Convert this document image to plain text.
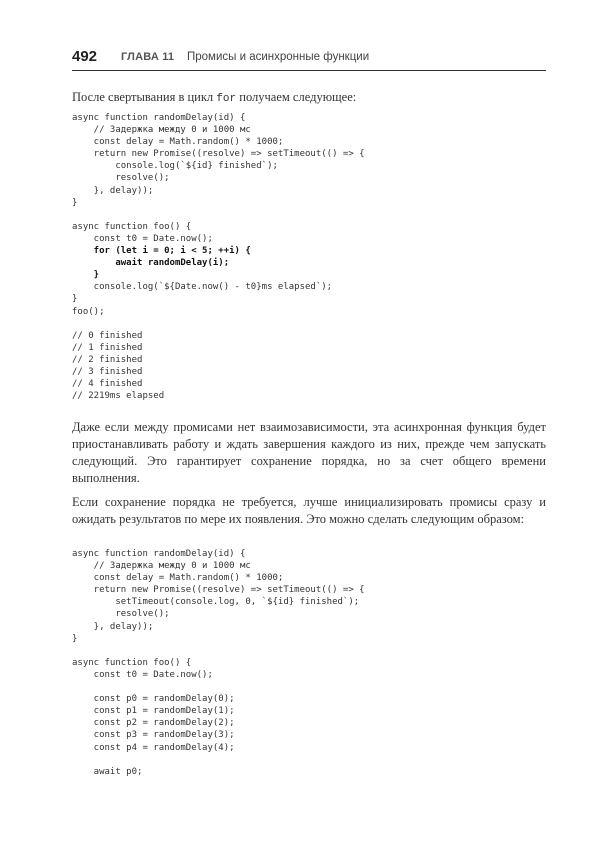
492 ГЛАВА 11 Промисы и асинхронные функции

После свертывания в цикл for получаем следующее:

async function randomDelay(id) {
// Задержка между 0 и 1000 мс
const delay = Math.random() * 1000;
return new Promise((resolve) => setTimeout(() => {
console.log(`${id} finished`);
resolve();
}, delay));
}
async function foo() {
const t0 = Date.now();
for (let i = 0; i < 5; ++i) {
await randomDelay(i);
}
console.log(`${Date.now() - t0}ms elapsed`);
}
foo();
// 0 finished
// 1 finished
// 2 finished
// 3 finished
// 4 finished
// 2219ms elapsed

Даже если между промисами нет взаимозависимости, эта асинхронная функция будет приостанавливать работу и ждать завершения каждого из них, прежде чем запускать следующий. Это гарантирует сохранение порядка, но за счет общего времени выполнения.

Если сохранение порядка не требуется, лучше инициализировать промисы сразу и ожидать результатов по мере их появления. Это можно сделать следующим образом:

async function randomDelay(id) {
// Задержка между 0 и 1000 мс
const delay = Math.random() * 1000;
return new Promise((resolve) => setTimeout(() => {
setTimeout(console.log, 0, `${id} finished`);
resolve();
}, delay));
}
async function foo() {
const t0 = Date.now();
const p0 = randomDelay(0);
const p1 = randomDelay(1);
const p2 = randomDelay(2);
const p3 = randomDelay(3);
const p4 = randomDelay(4);
await p0;
